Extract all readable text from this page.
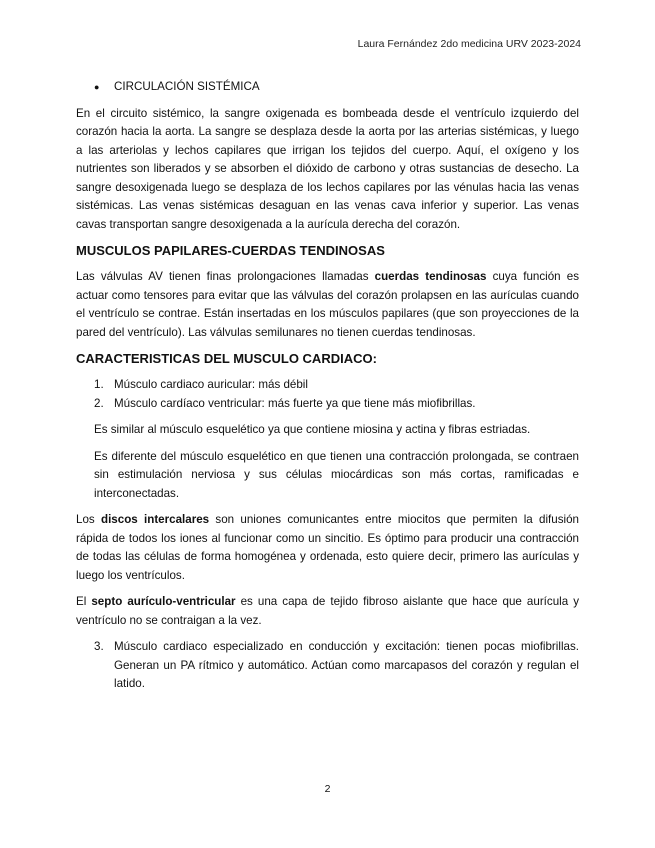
Laura Fernández 2do medicina URV 2023-2024
●	CIRCULACIÓN SISTÉMICA

En el circuito sistémico, la sangre oxigenada es bombeada desde el ventrículo izquierdo del corazón hacia la aorta. La sangre se desplaza desde la aorta por las arterias sistémicas, y luego a las arteriolas y lechos capilares que irrigan los tejidos del cuerpo. Aquí, el oxígeno y los nutrientes son liberados y se absorben el dióxido de carbono y otras sustancias de desecho. La sangre desoxigenada luego se desplaza de los lechos capilares por las vénulas hacia las venas sistémicas. Las venas sistémicas desaguan en las venas cava inferior y superior. Las venas cavas transportan sangre desoxigenada a la aurícula derecha del corazón.

MUSCULOS PAPILARES-CUERDAS TENDINOSAS

Las válvulas AV tienen finas prolongaciones llamadas cuerdas tendinosas cuya función es actuar como tensores para evitar que las válvulas del corazón prolapsen en las aurículas cuando el ventrículo se contrae. Están insertadas en los músculos papilares (que son proyecciones de la pared del ventrículo). Las válvulas semilunares no tienen cuerdas tendinosas.

CARACTERISTICAS DEL MUSCULO CARDIACO:
1. Músculo cardiaco auricular: más débil
2. Músculo cardíaco ventricular: más fuerte ya que tiene más miofibrillas.

Es similar al músculo esquelético ya que contiene miosina y actina y fibras estriadas.

Es diferente del músculo esquelético en que tienen una contracción prolongada, se contraen sin estimulación nerviosa y sus células miocárdicas son más cortas, ramificadas e interconectadas.

Los discos intercalares son uniones comunicantes entre miocitos que permiten la difusión rápida de todos los iones al funcionar como un sincitio. Es óptimo para producir una contracción de todas las células de forma homogénea y ordenada, esto quiere decir, primero las aurículas y luego los ventrículos.

El septo aurículo-ventricular es una capa de tejido fibroso aislante que hace que aurícula y ventrículo no se contraigan a la vez.

3. Músculo cardiaco especializado en conducción y excitación: tienen pocas miofibrillas. Generan un PA rítmico y automático. Actúan como marcapasos del corazón y regulan el latido.
2
